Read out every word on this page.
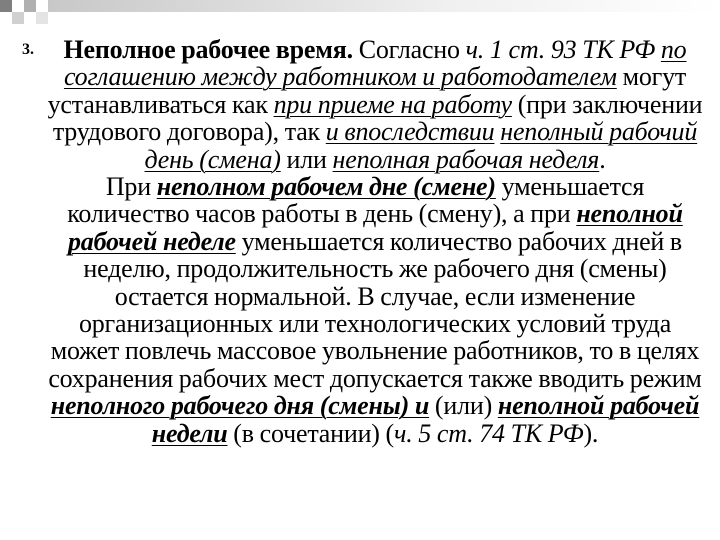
3.	Неполное рабочее время. Согласно ч. 1 ст. 93 ТК РФ по соглашению между работником и работодателем могут устанавливаться как при приеме на работу (при заключении трудового договора), так и впоследствии неполный рабочий день (смена) или неполная рабочая неделя.

При неполном рабочем дне (смене) уменьшается количество часов работы в день (смену), а при неполной рабочей неделе уменьшается количество рабочих дней в неделю, продолжительность же рабочего дня (смены) остается нормальной. В случае, если изменение организационных или технологических условий труда может повлечь массовое увольнение работников, то в целях сохранения рабочих мест допускается также вводить режим неполного рабочего дня (смены) и (или) неполной рабочей недели (в сочетании) (ч. 5 ст. 74 ТК РФ).
